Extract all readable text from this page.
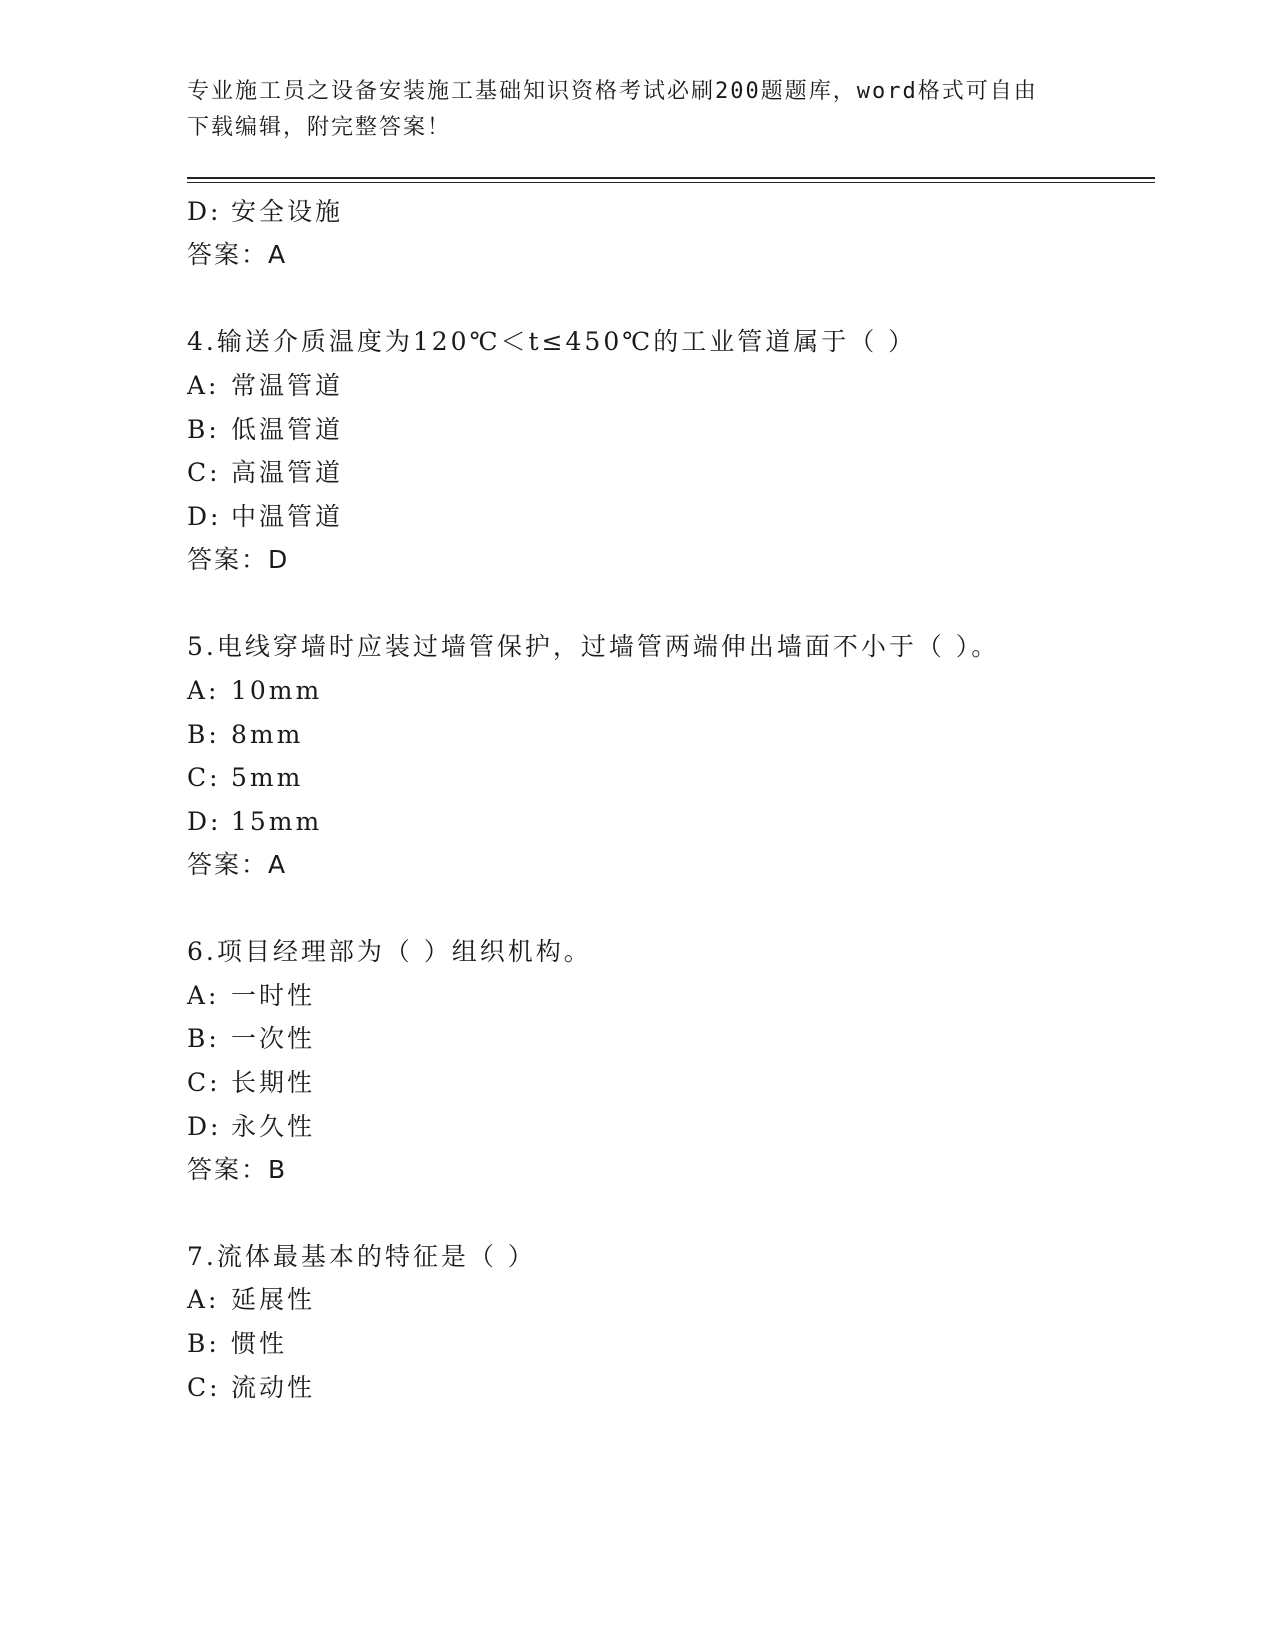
专业施工员之设备安装施工基础知识资格考试必刷200题题库，word格式可自由
下载编辑，附完整答案！
D: 安全设施
答案：A
4.输送介质温度为120℃＜t≤450℃的工业管道属于（ ）
A: 常温管道
B: 低温管道
C: 高温管道
D: 中温管道
答案：D
5.电线穿墙时应装过墙管保护，过墙管两端伸出墙面不小于（ ）。
A: 10mm
B: 8mm
C: 5mm
D: 15mm
答案：A
6.项目经理部为（ ）组织机构。
A: 一时性
B: 一次性
C: 长期性
D: 永久性
答案：B
7.流体最基本的特征是（ ）
A: 延展性
B: 惯性
C: 流动性
